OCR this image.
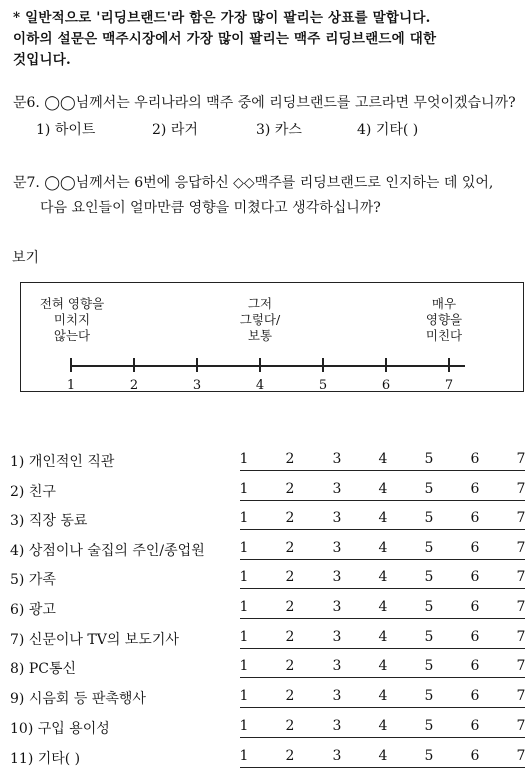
* 일반적으로 '리딩브랜드'라 함은 가장 많이 팔리는 상표를 말합니다.
이하의 설문은 맥주시장에서 가장 많이 팔리는 맥주 리딩브랜드에 대한
것입니다.
문6. ◯◯님께서는 우리나라의 맥주 중에 리딩브랜드를 고르라면 무엇이겠습니까?
1) 하이트	2) 라거	3) 카스	4) 기타( )
문7. ◯◯님께서는 6번에 응답하신 ◇◇맥주를 리딩브랜드로 인지하는 데 있어,
다음 요인들이 얼마만큼 영향을 미쳤다고 생각하십니까?
보기
전혀 영향을
미치지
않는다
그저
그렇다/
보통
매우
영향을
미친다
1	2	3	4	5	6	7
1) 개인적인 직관	1	2	3	4	5	6	7
2) 친구	1	2	3	4	5	6	7
3) 직장 동료	1	2	3	4	5	6	7
4) 상점이나 술집의 주인/종업원 1	2	3	4	5	6	7
5) 가족	1	2	3	4	5	6	7
6) 광고	1	2	3	4	5	6	7
7) 신문이나 TV의 보도기사	1	2	3	4	5	6	7
8) PC통신	1	2	3	4	5	6	7
9) 시음회 등 판촉행사	1	2	3	4	5	6	7
10) 구입 용이성	1	2	3	4	5	6	7
11) 기타( )	1	2	3	4	5	6	7
